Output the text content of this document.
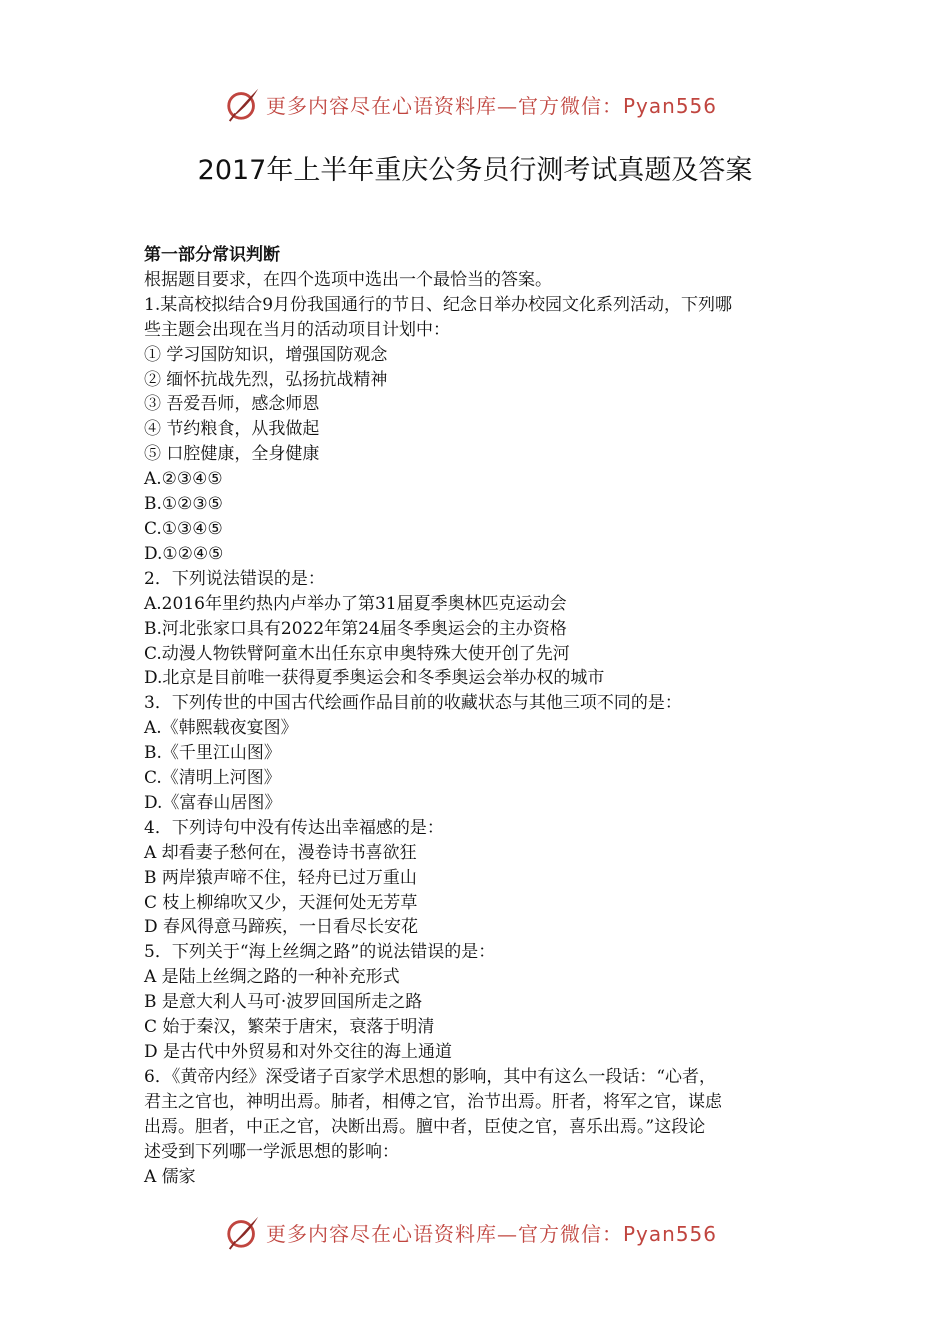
更多内容尽在心语资料库—官方微信：Pyan556
2017年上半年重庆公务员行测考试真题及答案
第一部分常识判断
根据题目要求，在四个选项中选出一个最恰当的答案。
1.某高校拟结合9月份我国通行的节日、纪念日举办校园文化系列活动，下列哪
些主题会出现在当月的活动项目计划中：
① 学习国防知识，增强国防观念
② 缅怀抗战先烈，弘扬抗战精神
③ 吾爱吾师，感念师恩
④ 节约粮食，从我做起
⑤ 口腔健康，全身健康
A.②③④⑤
B.①②③⑤
C.①③④⑤
D.①②④⑤
2．下列说法错误的是：
A.2016年里约热内卢举办了第31届夏季奥林匹克运动会
B.河北张家口具有2022年第24届冬季奥运会的主办资格
C.动漫人物铁臂阿童木出任东京申奥特殊大使开创了先河
D.北京是目前唯一获得夏季奥运会和冬季奥运会举办权的城市
3．下列传世的中国古代绘画作品目前的收藏状态与其他三项不同的是：
A.《韩熙载夜宴图》
B.《千里江山图》
C.《清明上河图》
D.《富春山居图》
4．下列诗句中没有传达出幸福感的是：
A 却看妻子愁何在，漫卷诗书喜欲狂
B 两岸猿声啼不住，轻舟已过万重山
C 枝上柳绵吹又少，天涯何处无芳草
D 春风得意马蹄疾，一日看尽长安花
5．下列关于“海上丝绸之路”的说法错误的是：
A 是陆上丝绸之路的一种补充形式
B 是意大利人马可·波罗回国所走之路
C 始于秦汉，繁荣于唐宋，衰落于明清
D 是古代中外贸易和对外交往的海上通道
6．《黄帝内经》深受诸子百家学术思想的影响，其中有这么一段话：“心者，
君主之官也，神明出焉。肺者，相傅之官，治节出焉。肝者，将军之官，谋虑
出焉。胆者，中正之官，决断出焉。膻中者，臣使之官，喜乐出焉。”这段论
述受到下列哪一学派思想的影响：
A 儒家
更多内容尽在心语资料库—官方微信：Pyan556
